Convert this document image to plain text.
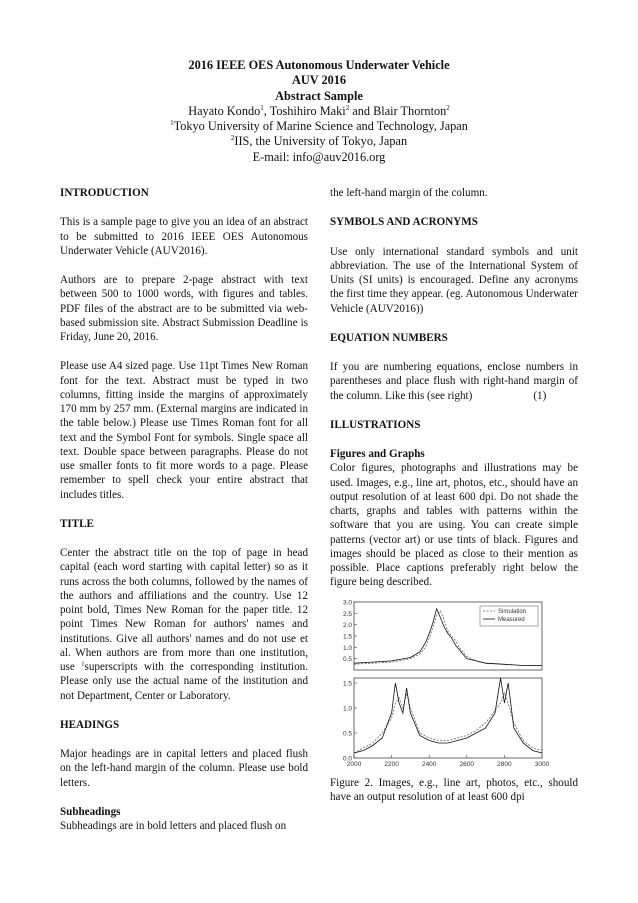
2016 IEEE OES Autonomous Underwater Vehicle
AUV 2016
Abstract Sample
Hayato Kondo$^1$, Toshihiro Maki$^2$ and Blair Thornton$^2$
$^1$Tokyo University of Marine Science and Technology, Japan
$^2$IIS, the University of Tokyo, Japan
E-mail: info@auv2016.org
INTRODUCTION

This is a sample page to give you an idea of an abstract to be submitted to 2016 IEEE OES Autonomous Underwater Vehicle (AUV2016).

Authors are to prepare 2-page abstract with text between 500 to 1000 words, with figures and tables. PDF files of the abstract are to be submitted via web-based submission site. Abstract Submission Deadline is Friday, June 20, 2016.

Please use A4 sized page. Use 11pt Times New Roman font for the text. Abstract must be typed in two columns, fitting inside the margins of approximately 170 mm by 257 mm. (External margins are indicated in the table below.) Please use Times Roman font for all text and the Symbol Font for symbols. Single space all text. Double space between paragraphs. Please do not use smaller fonts to fit more words to a page. Please remember to spell check your entire abstract that includes titles.

TITLE

Center the abstract title on the top of page in head capital (each word starting with capital letter) so as it runs across the both columns, followed by the names of the authors and affiliations and the country. Use 12 point bold, Times New Roman for the paper title. 12 point Times New Roman for authors' names and institutions. Give all authors' names and do not use et al. When authors are from more than one institution, use $^1$superscripts with the corresponding institution. Please only use the actual name of the institution and not Department, Center or Laboratory.

HEADINGS

Major headings are in capital letters and placed flush on the left-hand margin of the column. Please use bold letters.

Subheadings

Subheadings are in bold letters and placed flush on

the left-hand margin of the column.

SYMBOLS AND ACRONYMS

Use only international standard symbols and unit abbreviation. The use of the International System of Units (SI units) is encouraged. Define any acronyms the first time they appear. (eg. Autonomous Underwater Vehicle (AUV2016))

EQUATION NUMBERS

If you are numbering equations, enclose numbers in parentheses and place flush with right-hand margin of the column. Like this (see right)	(1)

ILLUSTRATIONS
Figures and Graphs

Color figures, photographs and illustrations may be used. Images, e.g., line art, photos, etc., should have an output resolution of at least 600 dpi. Do not shade the charts, graphs and tables with patterns within the software that you are using. You can create simple patterns (vector art) or use tints of black. Figures and images should be placed as close to their mention as possible. Place captions preferably right below the figure being described.

3.0
2.5
2.0
1.5
1.0
0.5
Simulation
Measured
1.5
1.0
0.5
0.0
2000	2200	2400	2600	2800	3000

Figure 2. Images, e.g., line art, photos, etc., should have an output resolution of at least 600 dpi
